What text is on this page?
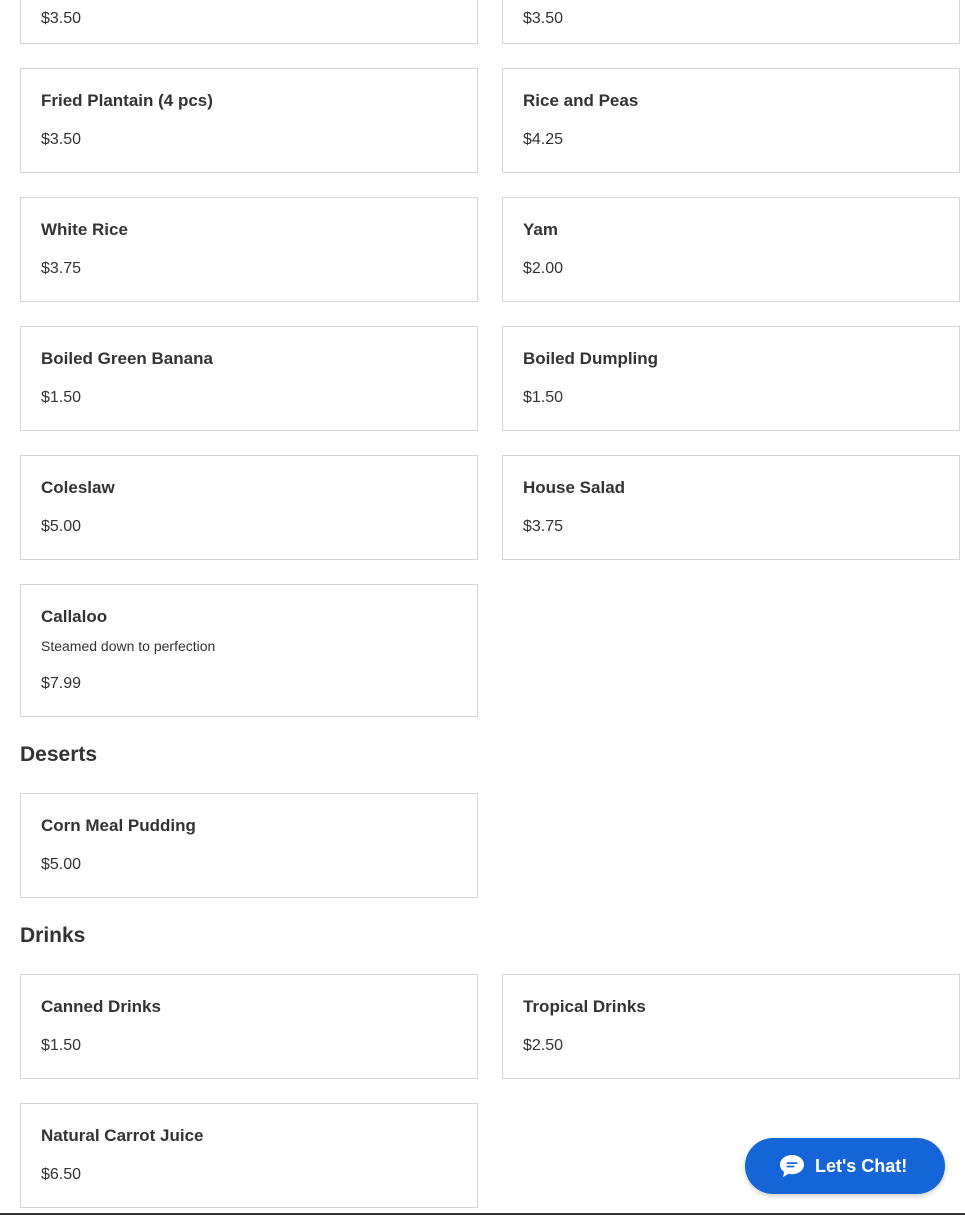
$3.50	$3.50
Fried Plantain (4 pcs)
$3.50
Rice and Peas
$4.25
White Rice
$3.75
Yam
$2.00
Boiled Green Banana
$1.50
Boiled Dumpling
$1.50
Coleslaw
$5.00
House Salad
$3.75
Callaloo
Steamed down to perfection
$7.99
Deserts
Corn Meal Pudding
$5.00
Drinks
Canned Drinks
$1.50
Tropical Drinks
$2.50
Natural Carrot Juice
$6.50	Let's Chat!
